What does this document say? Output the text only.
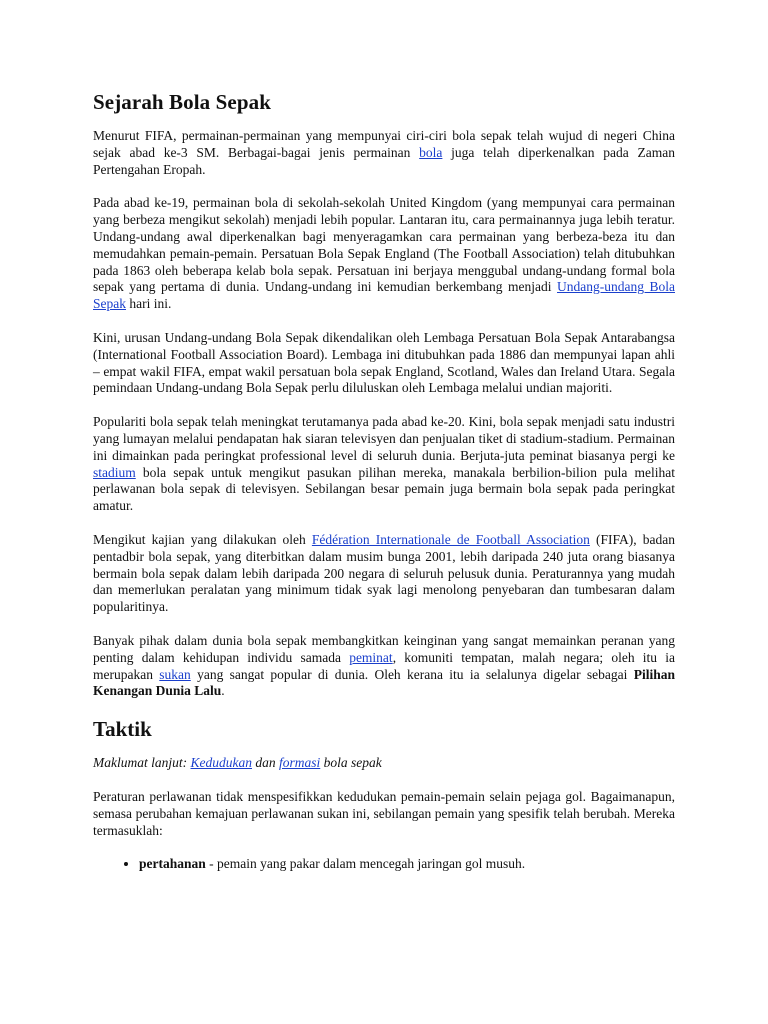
Sejarah Bola Sepak

Menurut FIFA, permainan-permainan yang mempunyai ciri-ciri bola sepak telah wujud di negeri China sejak abad ke-3 SM. Berbagai-bagai jenis permainan bola juga telah diperkenalkan pada Zaman Pertengahan Eropah.

Pada abad ke-19, permainan bola di sekolah-sekolah United Kingdom (yang mempunyai cara permainan yang berbeza mengikut sekolah) menjadi lebih popular. Lantaran itu, cara permainannya juga lebih teratur. Undang-undang awal diperkenalkan bagi menyeragamkan cara permainan yang berbeza-beza itu dan memudahkan pemain-pemain. Persatuan Bola Sepak England (The Football Association) telah ditubuhkan pada 1863 oleh beberapa kelab bola sepak. Persatuan ini berjaya menggubal undang-undang formal bola sepak yang pertama di dunia. Undang-undang ini kemudian berkembang menjadi Undang-undang Bola Sepak hari ini.

Kini, urusan Undang-undang Bola Sepak dikendalikan oleh Lembaga Persatuan Bola Sepak Antarabangsa (International Football Association Board). Lembaga ini ditubuhkan pada 1886 dan mempunyai lapan ahli – empat wakil FIFA, empat wakil persatuan bola sepak England, Scotland, Wales dan Ireland Utara. Segala pemindaan Undang-undang Bola Sepak perlu diluluskan oleh Lembaga melalui undian majoriti.

Populariti bola sepak telah meningkat terutamanya pada abad ke-20. Kini, bola sepak menjadi satu industri yang lumayan melalui pendapatan hak siaran televisyen dan penjualan tiket di stadium-stadium. Permainan ini dimainkan pada peringkat professional level di seluruh dunia. Berjuta-juta peminat biasanya pergi ke stadium bola sepak untuk mengikut pasukan pilihan mereka, manakala berbilion-bilion pula melihat perlawanan bola sepak di televisyen. Sebilangan besar pemain juga bermain bola sepak pada peringkat amatur.

Mengikut kajian yang dilakukan oleh Fédération Internationale de Football Association (FIFA), badan pentadbir bola sepak, yang diterbitkan dalam musim bunga 2001, lebih daripada 240 juta orang biasanya bermain bola sepak dalam lebih daripada 200 negara di seluruh pelusuk dunia. Peraturannya yang mudah dan memerlukan peralatan yang minimum tidak syak lagi menolong penyebaran dan tumbesaran dalam popularitinya.

Banyak pihak dalam dunia bola sepak membangkitkan keinginan yang sangat memainkan peranan yang penting dalam kehidupan individu samada peminat, komuniti tempatan, malah negara; oleh itu ia merupakan sukan yang sangat popular di dunia. Oleh kerana itu ia selalunya digelar sebagai Pilihan Kenangan Dunia Lalu.

Taktik

Maklumat lanjut: Kedudukan dan formasi bola sepak

Peraturan perlawanan tidak menspesifikkan kedudukan pemain-pemain selain pejaga gol. Bagaimanapun, semasa perubahan kemajuan perlawanan sukan ini, sebilangan pemain yang spesifik telah berubah. Mereka termasuklah:

• pertahanan - pemain yang pakar dalam mencegah jaringan gol musuh.
